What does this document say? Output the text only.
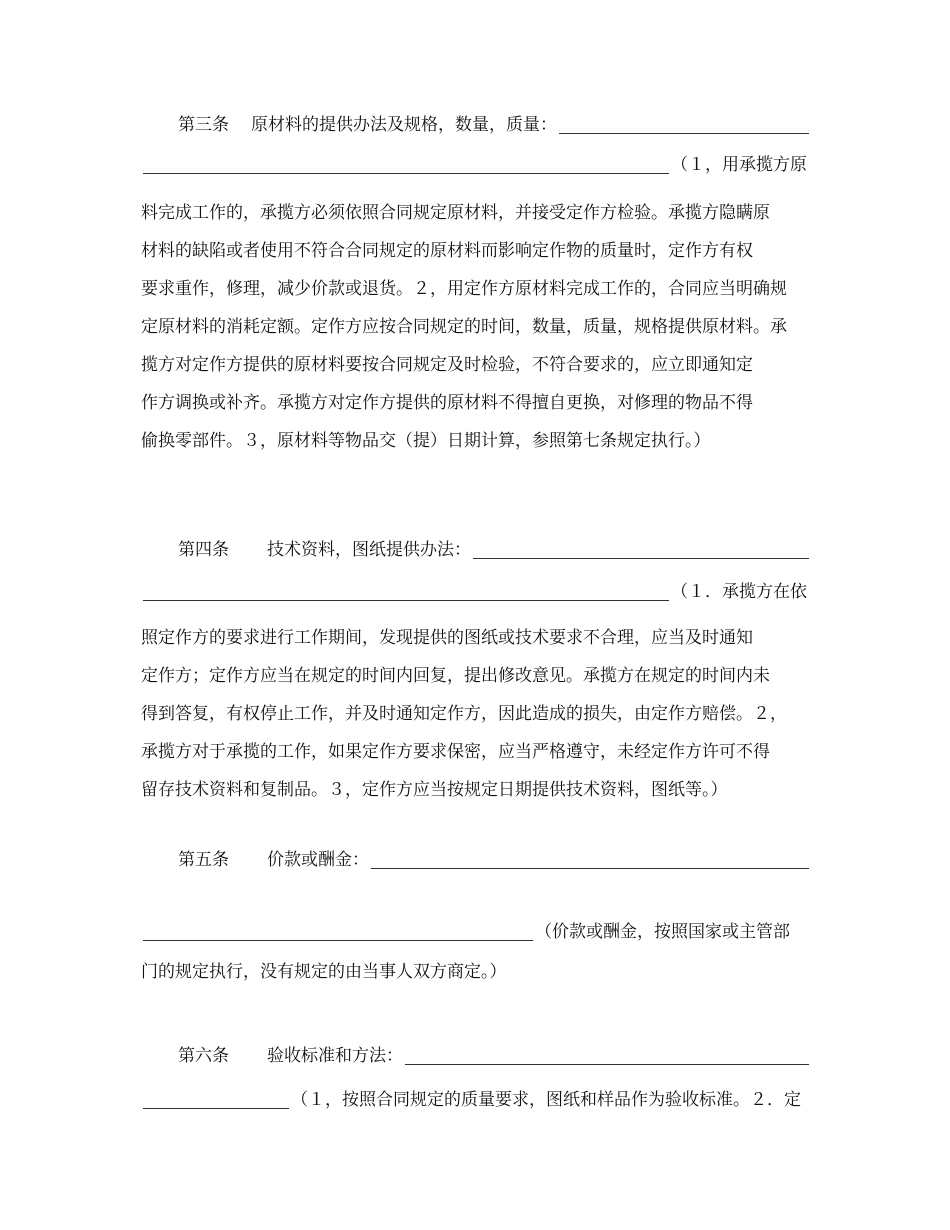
第三条 原材料的提供办法及规格，数量，质量：
（１，用承揽方原
料完成工作的，承揽方必须依照合同规定原材料，并接受定作方检验。承揽方隐瞒原
材料的缺陷或者使用不符合合同规定的原材料而影响定作物的质量时，定作方有权
要求重作，修理，减少价款或退货。２，用定作方原材料完成工作的，合同应当明确规
定原材料的消耗定额。定作方应按合同规定的时间，数量，质量，规格提供原材料。承
揽方对定作方提供的原材料要按合同规定及时检验，不符合要求的，应立即通知定
作方调换或补齐。承揽方对定作方提供的原材料不得擅自更换，对修理的物品不得
偷换零部件。３，原材料等物品交（提）日期计算，参照第七条规定执行。）
第四条 技术资料，图纸提供办法：
（１．承揽方在依
照定作方的要求进行工作期间，发现提供的图纸或技术要求不合理，应当及时通知
定作方；定作方应当在规定的时间内回复，提出修改意见。承揽方在规定的时间内未
得到答复，有权停止工作，并及时通知定作方，因此造成的损失，由定作方赔偿。２，
承揽方对于承揽的工作，如果定作方要求保密，应当严格遵守，未经定作方许可不得
留存技术资料和复制品。３，定作方应当按规定日期提供技术资料，图纸等。）
第五条 价款或酬金：
（价款或酬金，按照国家或主管部
门的规定执行，没有规定的由当事人双方商定。）
第六条 验收标准和方法：
（１，按照合同规定的质量要求，图纸和样品作为验收标准。２．定
